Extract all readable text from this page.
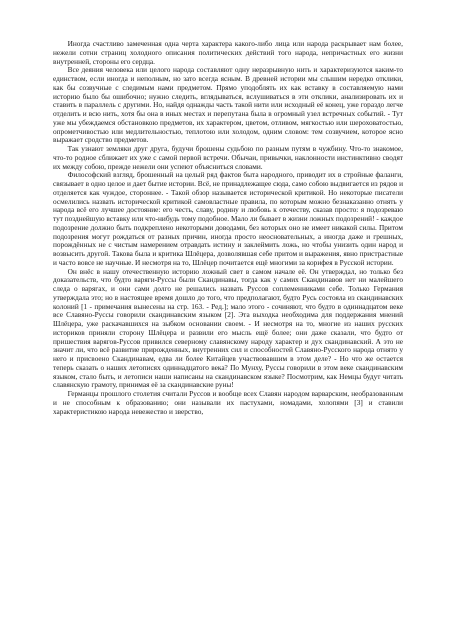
Иногда счастливо замеченная одна черта характера какого-либо лица или народа раскрывает нам более, нежели сотни страниц холодного описания политических действий того народа, непричастных его жизни внутренней, стороны его сердца.

Все деяния человека или целого народа составляют одну неразрывную нить и характеризуются каким-то единством, если иногда и неполным, но зато всегда ясным. В древней истории мы слышим нередко отклики, как бы созвучные с следимым нами предметом. Прямо уподоблять их как вставку в составляемую нами историю было бы ошибочно; нужно следить, вглядываться, вслушиваться в эти отклики, анализировать их и ставить в параллель с другими. Но, найдя однажды часть такой нити или исходный её конец, уже гораздо легче отделить и всю нить, хотя бы она в иных местах и перепутана была в огромный узел встречных событий. - Тут уже мы убеждаемся обстановкою предметов, их характером, цветом, отливом, мягкостью или шероховатостью, опрометчивостью или медлительностью, теплотою или холодом, одним словом: тем созвучием, которое ясно выражает сродство предметов.

Так узнают земляки друг друга, будучи брошены судьбою по разным путям в чужбину. Что-то знакомое, что-то родное сближает их уже с самой первой встречи. Обычаи, привычки, наклонности инстинктивно сводят их между собою, прежде нежели они успеют объясниться словами.

Философский взгляд, брошенный на целый ряд фактов быта народного, приводит их в стройные фаланги, связывает в одно целое и дает бытие истории. Всё, не принадлежащее сюда, само собою выдвигается из рядов и отделяется как чуждое, стороннее. - Такой обзор называется исторической критикой. Но некоторые писатели осмелились назвать исторической критикой самовластные правила, по которым можно безнаказанно отнять у народа всё его лучшее достояние: его честь, славу, родину и любовь к отечеству, сказав просто: я подозреваю тут позднейшую вставку или что-нибудь тому подобное. Мало ли бывает в жизни ложных подозрений! - каждое подозрение должно быть подкреплено некоторыми доводами, без которых оно не имеет никакой силы. Притом подозрения могут рождаться от разных причин, иногда просто неосновательных, а иногда даже и грешных, порождённых не с чистым намерением отравдать истину и заклеймить ложь, но чтобы унизить один народ и возвысить другой. Такова была и критика Шлёцера, дозволявшая себе притом и выражения, явно пристрастные и часто вовсе не научные. И несмотря на то, Шлёцер почитается ещё многими за корифея в Русской истории.

Он внёс в нашу отечественную историю ложный свет в самом начале её. Он утверждал, но только без доказательств, что будто варяги-Руссы были Скандинавы, тогда как у самих Скандинавов нет ни малейшего следа о варягах, и они сами долго не решались назвать Руссов соплеменниками себе. Только Германия утверждала это; но в настоящее время дошло до того, что предполагают, будто Русь состояла из скандинавских колоний [1 - примечания вынесены на стр. 163. - Ред.]; мало этого - сочиняют, что будто в одиннадцатом веке все Славяно-Руссы говорили скандинавским языком [2]. Эта выходка необходима для поддержания мнений Шлёцера, уже раскачавшихся на зыбком основании своем. - И несмотря на то, многие из наших русских историков приняли сторону Шлёцера и развили его мысль ещё более; они даже сказали, что будто от пришествия варягов-Руссов привился северному славянскому народу характер и дух скандинавский. А это не значит ли, что всё развитие прирожденных, внутренних сил и способностей Славяно-Русского народа отнято у него и присвоено Скандинавам, едва ли более Китайцев участвовавшим в этом деле? - Но что же остается теперь сказать о наших летописях одиннадцатого века? По Мунху, Руссы говорили в этом веке скандинавским языком, стало быть, и летописи наши написаны на скандинавском языке? Посмотрим, как Немцы будут читать славянскую грамоту, принимая её за скандинавские руны!

Германцы прошлого столетия считали Руссов и вообще всех Славян народом варварским, необразованным и не способным к образованию; они называли их пастухами, номадами, холопями [3] и ставили характеристикою народа невежество и зверство,
